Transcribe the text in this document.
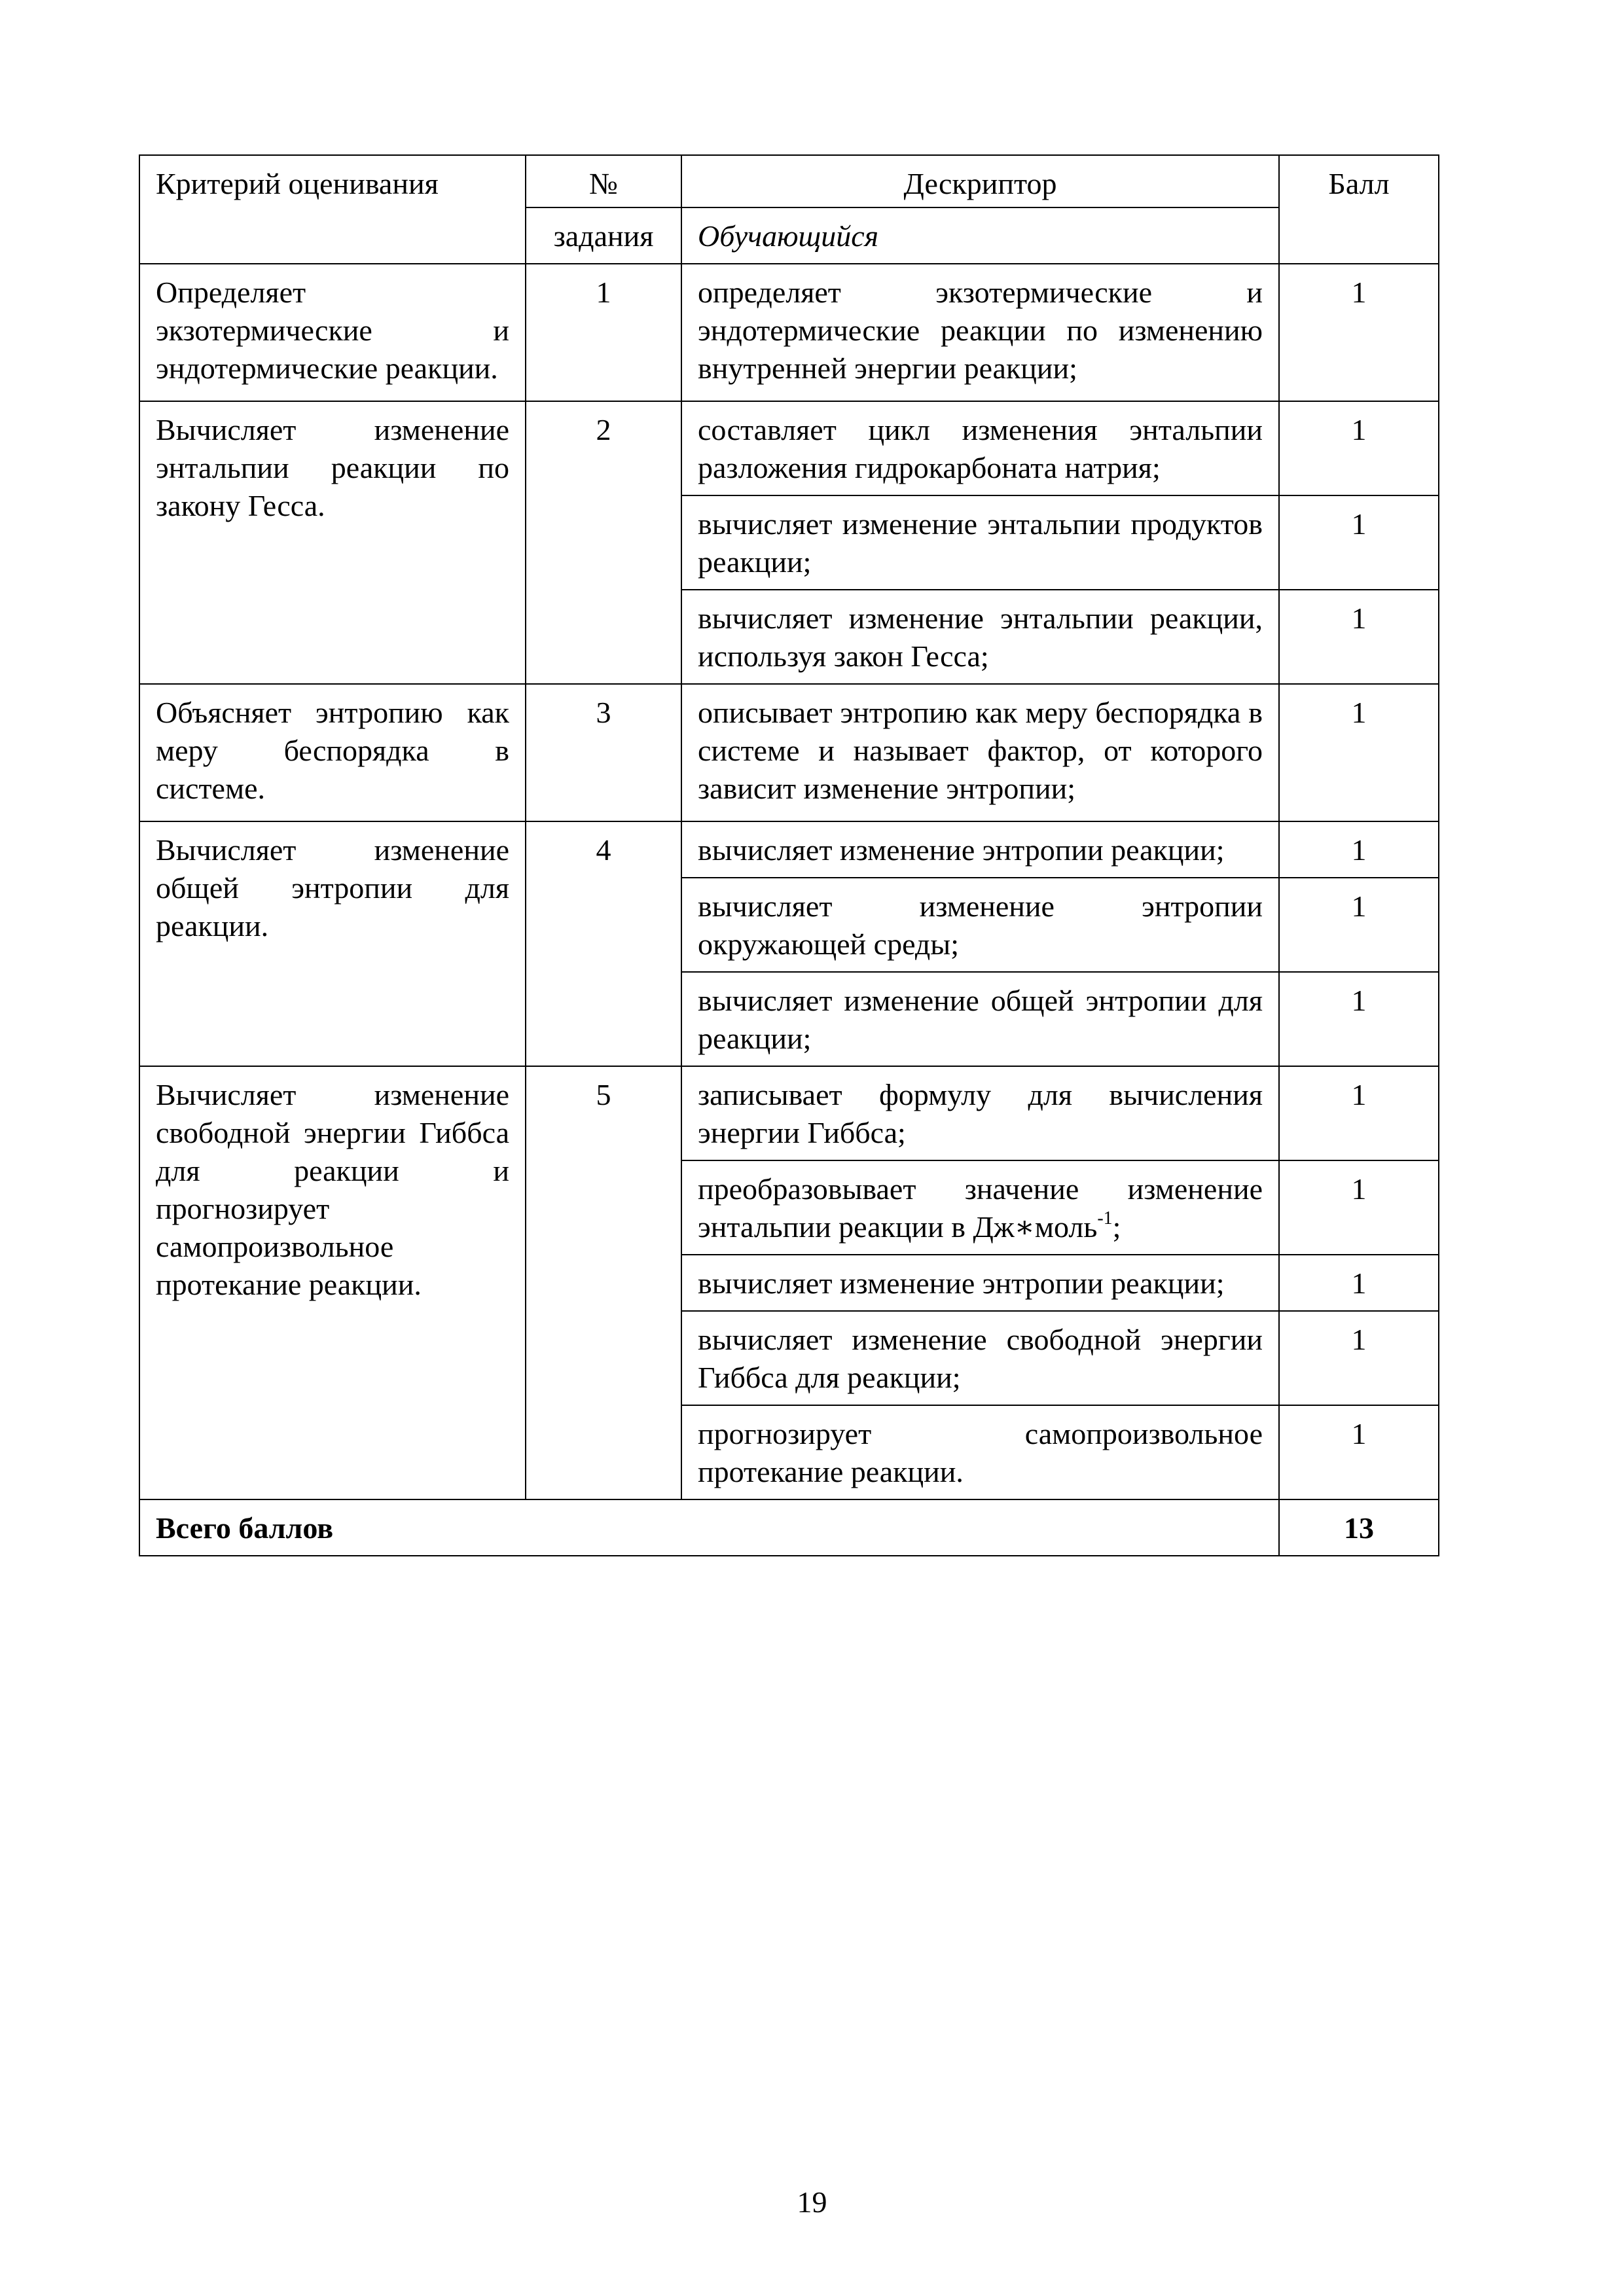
Критерий оценивания	№	Дескриптор	Балл
	задания	Обучающийся	

Определяет экзотермические и эндотермические реакции.	1	определяет экзотермические и эндотермические реакции по изменению внутренней энергии реакции;	1

Вычисляет изменение энтальпии реакции по закону Гесса.	2	составляет цикл изменения энтальпии разложения гидрокарбоната натрия;	1
		вычисляет изменение энтальпии продуктов реакции;	1
		вычисляет изменение энтальпии реакции, используя закон Гесса;	1

Объясняет энтропию как меру беспорядка в системе.	3	описывает энтропию как меру беспорядка в системе и называет фактор, от которого зависит изменение энтропии;	1

Вычисляет изменение общей энтропии для реакции.	4	вычисляет изменение энтропии реакции;	1
		вычисляет изменение энтропии окружающей среды;	1
		вычисляет изменение общей энтропии для реакции;	1

Вычисляет изменение свободной энергии Гиббса для реакции и прогнозирует самопроизвольное протекание реакции.	5	записывает формулу для вычисления энергии Гиббса;	1
		преобразовывает значение изменение энтальпии реакции в Дж∗моль$^{-1}$;	1
		вычисляет изменение энтропии реакции;	1
		вычисляет изменение свободной энергии Гиббса для реакции;	1
		прогнозирует самопроизвольное протекание реакции.	1
Всего баллов			13
19
